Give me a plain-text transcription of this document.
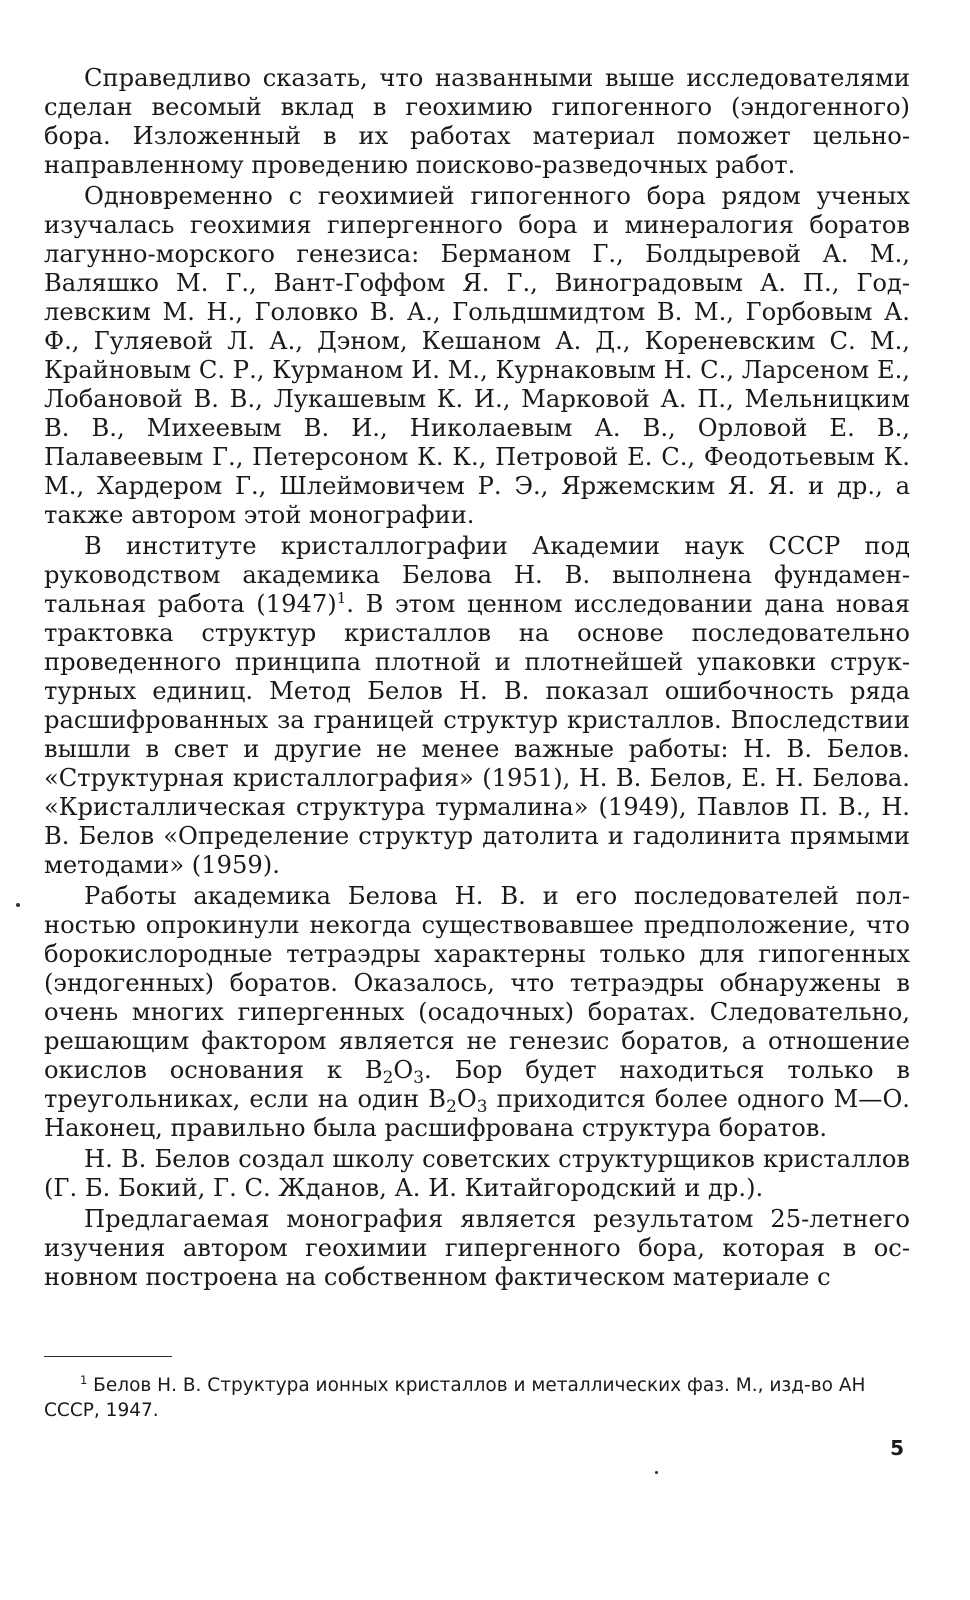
Справедливо сказать, что названными выше исследователями сделан весомый вклад в геохимию гипогенного (эндогенного) бора. Изложенный в их работах материал поможет цельнонаправленному проведению поисково-разведочных работ.

Одновременно с геохимией гипогенного бора рядом ученых изучалась геохимия гипергенного бора и минералогия боратов лагунно-морского генезиса: Берманом Г., Болдыревой А. М., Валяшко М. Г., Вант-Гоффом Я. Г., Виноградовым А. П., Годлевским М. Н., Головко В. А., Гольдшмидтом В. М., Горбовым А. Ф., Гуляевой Л. А., Дэном, Кешаном А. Д., Кореневским С. М., Крайновым С. Р., Курманом И. М., Курнаковым Н. С., Ларсеном Е., Лобановой В. В., Лукашевым К. И., Марковой А. П., Мельницким В. В., Михеевым В. И., Николаевым А. В., Орловой Е. В., Палавеевым Г., Петерсоном К. К., Петровой Е. С., Феодотьевым К. М., Хардером Г., Шлеймовичем Р. Э., Яржемским Я. Я. и др., а также автором этой монографии.

В институте кристаллографии Академии наук СССР под руководством академика Белова Н. В. выполнена фундаментальная работа $(1947)^1$. В этом ценном исследовании дана новая трактовка структур кристаллов на основе последовательно проведенного принципа плотной и плотнейшей упаковки структурных единиц. Метод Белов Н. В. показал ошибочность ряда расшифрованных за границей структур кристаллов. Впоследствии вышли в свет и другие не менее важные работы: Н. В. Белов. «Структурная кристаллография» (1951), Н. В. Белов, Е. Н. Белова. «Кристаллическая структура турмалина» (1949), Павлов П. В., Н. В. Белов «Определение структур датолита и гадолинита прямыми методами» (1959).

Работы академика Белова Н. В. и его последователей полностью опрокинули некогда существовавшее предположение, что борокислородные тетраэдры характерны только для гипогенных (эндогенных) боратов. Оказалось, что тетраэдры обнаружены в очень многих гипергенных (осадочных) боратах. Следовательно, решающим фактором является не генезис боратов, а отношение окислов основания к $B_2O_3$. Бор будет находиться только в треугольниках, если на один $B_2O_3$ приходится более одного М—О. Наконец, правильно была расшифрована структура боратов.

Н. В. Белов создал школу советских структурщиков кристаллов (Г. Б. Бокий, Г. С. Жданов, А. И. Китайгородский и др.).

Предлагаемая монография является результатом 25-летнего изучения автором геохимии гипергенного бора, которая в основном построена на собственном фактическом материале с

$^1$ Белов Н. В. Структура ионных кристаллов и металлических фаз. М., изд-во АН СССР, 1947.

5
